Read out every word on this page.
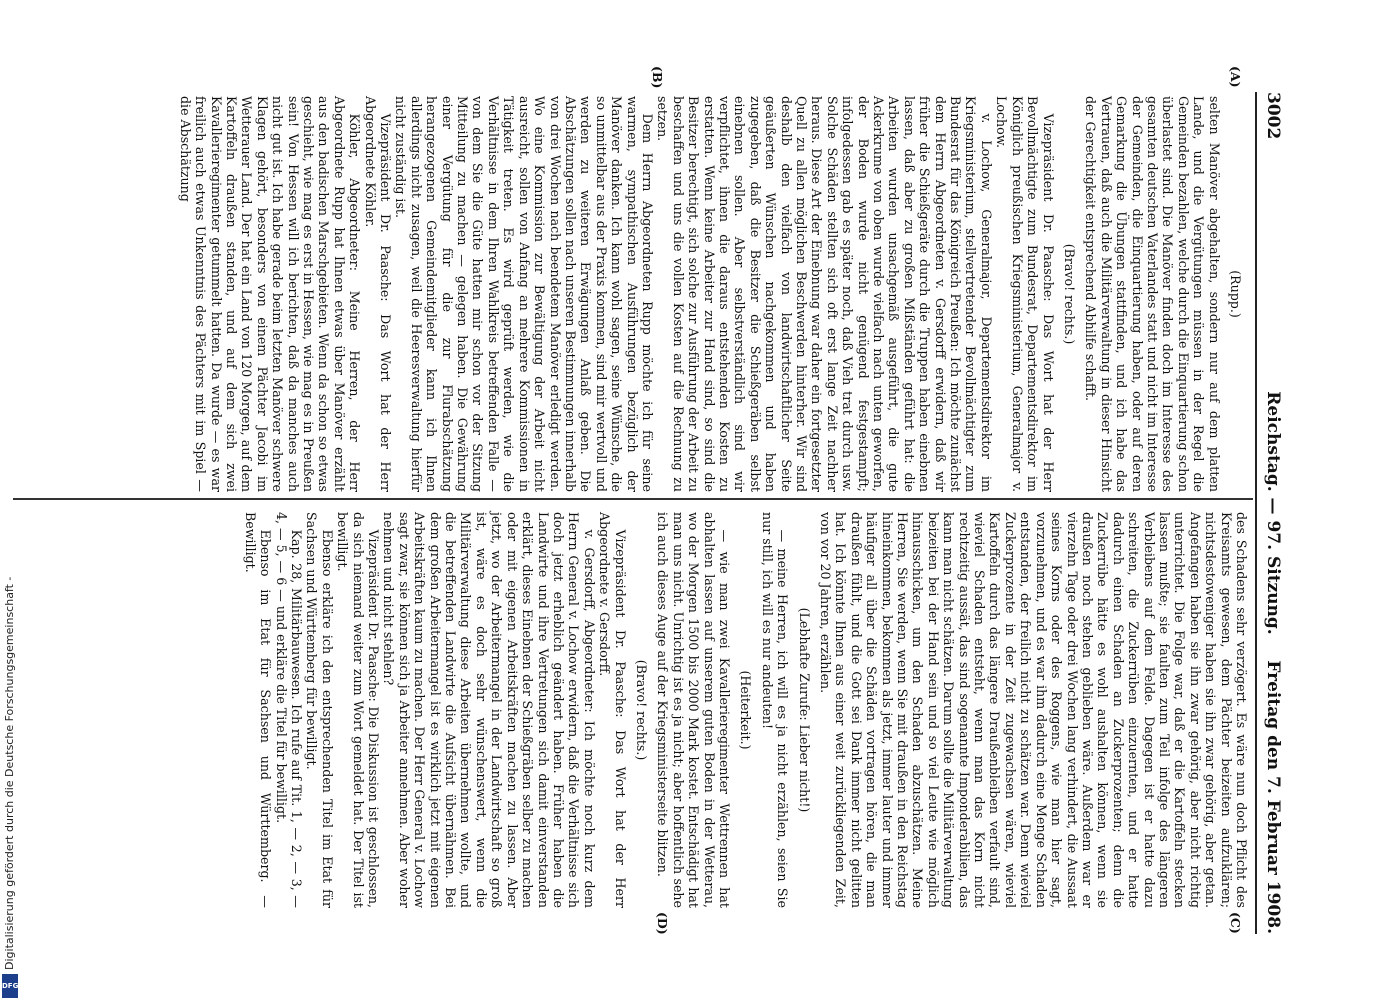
3002
Reichstag. — 97. Sitzung.
Freitag den 7. Februar 1908.
(A)
(B)
(C)
(D)

(Rupp.)

selten Manöver abgehalten, sondern nur auf dem platten Lande, und die Vergütungen müssen in der Regel die Gemeinden bezahlen, welche durch die Einquartierung schon überlastet sind. Die Manöver finden doch im Interesse des gesamten deutschen Vaterlandes statt und nicht im Interesse der Gemeinden, die Einquartierung haben, oder auf deren Gemarkung die Übungen stattfinden, und ich habe das Vertrauen, daß auch die Militärverwaltung in dieser Hinsicht der Gerechtigkeit entsprechend Abhilfe schafft.

(Bravo! rechts.)

Vizepräsident Dr. Paasche: Das Wort hat der Herr Bevollmächtigte zum Bundesrat, Departementsdirektor im Königlich preußischen Kriegsministerium, Generalmajor v. Lochow.

v. Lochow, Generalmajor, Departementsdirektor im Kriegsministerium, stellvertretender Bevollmächtigter zum Bundesrat für das Königreich Preußen: Ich möchte zunächst dem Herrn Abgeordneten v. Gersdorff erwidern, daß wir früher die Schießgeräte durch die Truppen haben einebnen lassen, daß aber zu großen Mißständen geführt hat: die Arbeiten wurden unsachgemäß ausgeführt, die gute Ackerkrume von oben wurde vielfach nach unten geworfen, der Boden wurde nicht genügend festgestampft; infolgedessen gab es später noch, daß Vieh trat durch usw. Solche Schäden stellten sich oft erst lange Zeit nachher heraus. Diese Art der Einebnung war daher ein fortgesetzter Quell zu allen möglichen Beschwerden hinterher. Wir sind deshalb den vielfach von landwirtschaftlicher Seite geäußerten Wünschen nachgekommen und haben zugegeben, daß die Besitzer die Schießgeräben selbst einebnen sollen. Aber selbstverständlich sind wir verpflichtet, ihnen die daraus entstehenden Kosten zu erstatten. Wenn keine Arbeiter zur Hand sind, so sind die Besitzer berechtigt, sich solche zur Ausführung der Arbeit zu beschaffen und uns die vollen Kosten auf die Rechnung zu setzen.

Dem Herrn Abgeordneten Rupp möchte ich für seine warmen, sympathischen Ausführungen bezüglich der Manöver danken. Ich kann wohl sagen, seine Wünsche, die so unmittelbar aus der Praxis kommen, sind mir wertvoll und werden zu weiteren Erwägungen Anlaß geben. Die Abschätzungen sollen nach unseren Bestimmungen innerhalb von drei Wochen nach beendetem Manöver erledigt werden. Wo eine Kommission zur Bewältigung der Arbeit nicht ausreicht, sollen von Anfang an mehrere Kommissionen in Tätigkeit treten. Es wird geprüft werden, wie die Verhältnisse in dem Ihren Wahlkreis betreffenden Falle — von dem Sie die Güte hatten mir schon vor der Sitzung Mitteilung zu machen — gelegen haben. Die Gewährung einer Vergütung für die zur Flurabschätzung herangezogenen Gemeindemitglieder kann ich Ihnen allerdings nicht zusagen, weil die Heeresverwaltung hierfür nicht zuständig ist.

Vizepräsident Dr. Paasche: Das Wort hat der Herr Abgeordnete Köhler.

Köhler, Abgeordneter: Meine Herren, der Herr Abgeordnete Rupp hat Ihnen etwas über Manöver erzählt aus den badischen Marschgebieten. Wenn da schon so etwas geschieht, wie mag es erst in Hessen, wie mag es in Preußen sein! Von Hessen will ich berichten, daß da manches auch nicht gut ist. Ich habe gerade beim letzten Manöver schwere Klagen gehört, besonders von einem Pächter Jacobi im Wetterauer Land. Der hat ein Land von 120 Morgen, auf dem Kartoffeln draußen standen, und auf dem sich zwei Kavallerieregimenter getummelt hatten. Da wurde — es war freilich auch etwas Unkenntnis des Pächters mit im Spiel — die Abschätzung

des Schadens sehr verzögert. Es wäre nun doch Pflicht des Kreisamts gewesen, dem Pächter beizeiten aufzuklären; nichtsdestoweniger haben sie ihn zwar gehörig, aber getan. Angefangen haben sie ihn zwar gehörig, aber nicht richtig unterrichtet. Die Folge war, daß er die Kartoffeln stecken lassen mußte; sie faulten zum Teil infolge des längeren Verbleibens auf dem Felde. Dagegen ist er hatte dazu schreiten, die Zuckerrüben einzuernten, und er hatte dadurch einen Schaden an Zuckerprozenten; denn die Zuckerrübe hätte es wohl aushalten können, wenn sie draußen noch stehen geblieben wäre. Außerdem war er vierzehn Tage oder drei Wochen lang verhindert, die Aussaat seines Korns oder des Roggens, wie man hier sagt, vorzunehmen, und es war ihm dadurch eine Menge Schaden entstanden, der freilich nicht zu schätzen war. Denn wieviel Zuckerprozente in der Zeit zugewachsen wären, wieviel Kartoffeln durch das längere Draußenbleiben verfault sind, wieviel Schaden entsteht, wenn man das Korn nicht rechtzeitig aussät, das sind sogenannte Imponderabilien, das kann man nicht schätzen. Darum sollte die Militärverwaltung beizeiten bei der Hand sein und so viel Leute wie möglich hinausschicken, um den Schaden abzuschätzen. Meine Herren, Sie werden, wenn Sie mit draußen in den Reichstag hineinkommen, bekommen als jetzt, immer lauter und immer häufiger all über die Schäden vortragen hören, die man draußen fühlt, und die Gott sei Dank immer nicht gelitten hat. Ich könnte Ihnen aus einer weit zurückliegenden Zeit, von vor 20 Jahren, erzählen.

(Lebhafte Zurufe: Lieber nicht!)

— meine Herren, ich will es ja nicht erzählen, seien Sie nur still, ich will es nur andeuten!

(Heiterkeit.)

— wie man zwei Kavallerieregimenter Wettrennen hat abhalten lassen auf unserem guten Boden in der Wetterau, wo der Morgen 1500 bis 2000 Mark kostet. Entschädigt hat man uns nicht. Unrichtig ist es ja nicht; aber hoffentlich sehe ich auch dieses Auge auf der Kriegsministerseite blitzen.

(Bravo! rechts.)

Vizepräsident Dr. Paasche: Das Wort hat der Herr Abgeordnete v. Gersdorff.

v. Gersdorff, Abgeordneter: Ich möchte noch kurz dem Herrn General v. Lochow erwidern, daß die Verhältnisse sich doch jetzt erheblich geändert haben. Früher haben die Landwirte und ihre Vertretungen sich damit einverstanden erklärt, dieses Einebnen der Schießgräben selber zu machen oder mit eigenen Arbeitskräften machen zu lassen. Aber jetzt, wo der Arbeitermangel in der Landwirtschaft so groß ist, wäre es doch sehr wünschenswert, wenn die Militärverwaltung diese Arbeiten übernehmen wollte, und die betreffenden Landwirte die Aufsicht übernähmen. Bei dem großen Arbeitermangel ist es wirklich jetzt mit eigenen Arbeitskräften kaum zu machen. Der Herr General v. Lochow sagt zwar, sie können sich ja Arbeiter annehmen. Aber woher nehmen und nicht stehlen?

Vizepräsident Dr. Paasche: Die Diskussion ist geschlossen, da sich niemand weiter zum Wort gemeldet hat. Der Titel ist bewilligt.

Ebenso erkläre ich den entsprechenden Titel im Etat für Sachsen und Württemberg für bewilligt.

Kap. 28, Militärbauwesen. Ich rufe auf Tit. 1, — 2, — 3, — 4, — 5, — 6 — und erkläre die Titel für bewilligt.

Ebenso im Etat für Sachsen und Württemberg. — Bewilligt.

Digitalisierung gefördert durch die Deutsche Forschungsgemeinschaft -
DFG
